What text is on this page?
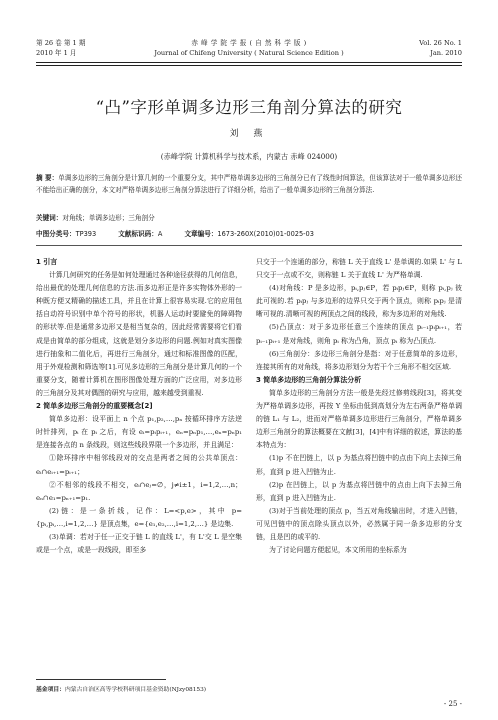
第 26 卷 第 1 期
2010 年 1 月
赤 峰 学 院 学 报 ( 自 然 科 学 版 )
Journal of Chifeng University ( Natural Science Edition )
Vol. 26 No. 1
Jan. 2010
“凸”字形单调多边形三角剖分算法的研究
刘 燕
(赤峰学院 计算机科学与技术系，内蒙古 赤峰 024000)
摘 要：单调多边形的三角剖分是计算几何的一个重要分支，其中严格单调多边形的三角剖分已有了线性时间算法，但该算法对于一般单调多边形还不能给出正确的剖分，本文对严格单调多边形三角剖分算法进行了详细分析，给出了一般单调多边形的三角剖分算法.
关键词：对角线；单调多边形；三角剖分
中图分类号：TP393	文献标识码：A	文章编号：1673-260X(2010)01-0025-03
1 引言

计算几何研究的任务是如何处理通过各种途径获得的几何信息，给出最优的处理几何信息的方法.而多边形正是许多实物体外形的一种既方便又精确的描述工具，并且在计算上很容易实现.它的应用包括自动符号识别中单个符号的形状，机器人运动时要避免的障碍物的形状等.但是通常多边形又是相当复杂的，因此经常需要将它们看成是由简单的部分组成，这就是划分多边形的问题.例如对真实图像进行抽象和二值化后，再进行三角剖分，通过和标准图像的匹配，用于外观检测和筛选等[1].可见多边形的三角剖分是计算几何的一个重要分支，随着计算机在图形图像处理方面的广泛应用，对多边形的三角剖分及其对偶图的研究与应用，越来越受到重视.

2 简单多边形三角剖分的重要概念[2]

简单多边形：设平面上 n 个点 p₁,p₂,…,pₙ 按循环排序方法逆时针排列，pᵢ 在 pᵢ 之后，有设 eᵢ=pᵢpᵢ₊₁，eₙ=pₙp₁,…,eₙ=pₙp₁ 是连接各点的 n 条线段，则这些线段界限一个多边形，并且满足：

①除环排序中相邻线段对的交点是两者之间的公共单顶点：eᵢ∩eᵢ₊₁=pᵢ₊₁；

②不相邻的线段不相交，eᵢ∩eⱼ=∅，j≠i±1，i=1,2,…,n；eₙ∩e₁=pₙ₊₁=p₁.

(2)链：是一条折线，记作：L=<p,e>，其中 p={pᵢ,pᵢ,…,i=1,2,…} 是顶点集，e={e₁,e₂,…,i=1,2,…} 是边集.

(3)单调：若对于任一正交于链 L 的直线 L'，有 L'交 L 是空集或是一个点，或是一段线段，即至多

只交于一个连通的部分，称链 L 关于直线 L' 是单调的.如果 L' 与 L 只交于一点或不交，则称链 L 关于直线 L' 为严格单调.

(4)对角线：P 是多边形，pᵢ,pⱼ∈P，若 pᵢpⱼ∈P，则称 pᵢ,pⱼ 彼此可视的.若 pᵢpⱼ 与多边形的边界只交于两个顶点，则称 pᵢpⱼ 是清晰可视的.清晰可视的两顶点之间的线段，称为多边形的对角线.

(5)凸顶点：对于多边形任意三个连续的顶点 pᵢ₋₁pᵢpᵢ₊₁，若 pᵢ₋₁pᵢ₊₁ 是对角线，则角 pᵢ 称为凸角，顶点 pᵢ 称为凸顶点.

(6)三角剖分：多边形三角剖分是指：对于任意简单的多边形，连接其所有的对角线，将多边形划分为若干个三角形不相交区域.

3 简单多边形的三角剖分算法分析

简单多边形的三角剖分方法一般是先经过修剪线段[3]，将其变为严格单调多边形，再按 Y 坐标由低到高划分为左右两条严格单调的链 L₁ 与 L₂，进而对严格单调多边形进行三角剖分，严格单调多边形三角剖分的算法概要在文献[3]，[4]中有详细的叙述，算法的基本特点为：

(1)p 不在凹链上，以 p 为基点将凹链中的点由下向上去掉三角形，直到 p 进入凹链为止.

(2)p 在凹链上，以 p 为基点将凹链中的点由上向下去掉三角形，直到 p 进入凹链为止.

(3)对于当前处理的顶点 p，当五对角线输出时，才进入凹链，可见凹链中的顶点除头顶点以外，必然属于同一条多边形的分支链，且是凹的或平的.

为了讨论问题方便起见，本文所用的坐标系为

基金项目：内蒙古自治区高等学校科研项目基金资助(NJzy08153)
- 25 -
